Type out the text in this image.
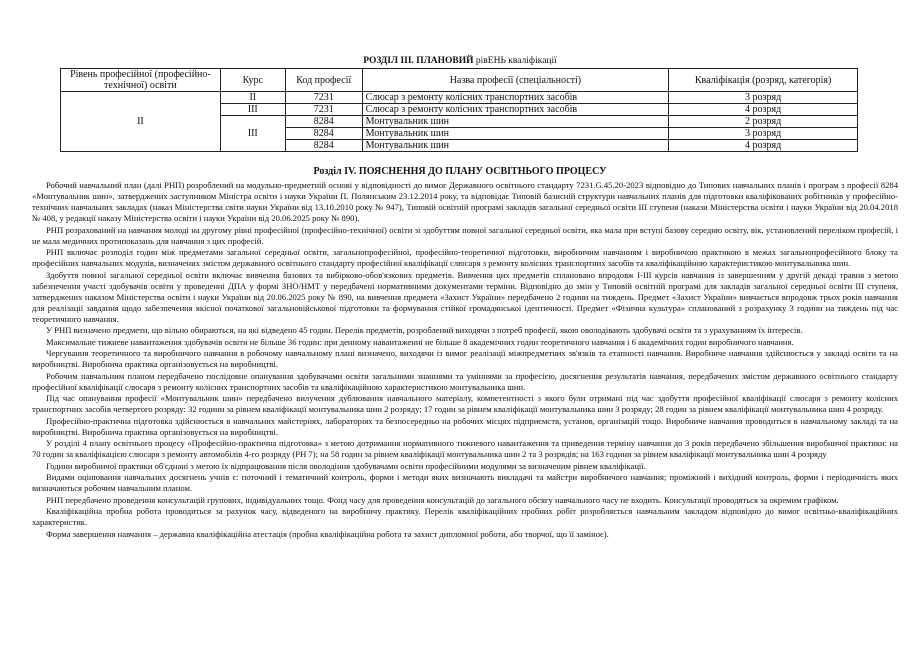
РОЗДІЛ ІІІ. ПЛАНОВИЙ рівЕНЬ кваліфікації
Рівень професійної (професійно-технічної) освіти	Курс	Код професії	Назва професії (спеціальності)	Кваліфікація (розряд, категорія)
ІІ	ІІ	7231	Слюсар з ремонту колісних транспортних засобів	3 розряд
	ІІІ	7231	Слюсар з ремонту колісних транспортних засобів	4 розряд
	ІІІ	8284	Монтувальник шин	2 розряд
		8284	Монтувальник шин	3 розряд
		8284	Монтувальник шин	4 розряд
Розділ ІV. ПОЯСНЕННЯ ДО ПЛАНУ ОСВІТНЬОГО ПРОЦЕСУ

Робочий навчальний план (далі РНП) розроблений на модульно-предметній основі у відповідності до вимог Державного освітнього стандарту 7231.G.45.20-2023 відповідно до Типових навчальних планів і програм з професії 8284 «Монтувальник шин», затверджених заступником Міністра освіти і науки України П. Полянським 23.12.2014 року, та відповідає Типовій базисній структури навчальних планів для підготовки кваліфікованих робітників у професійно-технічних навчальних закладах (наказ Міністерства світи науки України від 13.10.2010 року № 947), Типовій освітній програмі закладів загальної середньої освіти ІІІ ступеня (накази Міністерства освіти і науки України від 20.04.2018 № 408, у редакції наказу Міністерства освіти і науки України від 20.06.2025 року № 890).

РНП розрахований на навчання молоді на другому рівні професійної (професійно-технічної) освіти зі здобуттям повної загальної середньої освіти, яка мала при вступі базову середню освіту, вік, установлений переліком професій, і не мала медичних протипоказань для навчання з цих професій.

РНП включає розподіл годин між предметами загальної середньої освіти, загальнопрофесійної, професійно-теоретичної підготовки, виробничим навчанням і виробничою практикою в межах загальнопрофесійного блоку та професійних навчальних модулів, визначених змістом державного освітнього стандарту професійної кваліфікації слюсаря з ремонту колісних транспортних засобів та кваліфікаційною характеристикою монтувальника шин.

Здобуття повної загальної середньої освіти включає вивчення базових та вибірково-обов'язкових предметів. Вивчення цих предметів сплановано впродовж І-ІІІ курсів навчання із завершенням у другій декаді травня з метою забезпечення участі здобувачів освіти у проведенні ДПА у формі ЗНО/НМТ у передбачені нормативними документами терміни. Відповідно до змін у Типовій освітній програмі для закладів загальної середньої освіти ІІІ ступеня, затверджених наказом Міністерства освіти і науки України від 20.06.2025 року № 890, на вивчення предмета «Захист України» передбачено 2 години на тиждень. Предмет «Захист України» вивчається впродовж трьох років навчання для реалізації завдання щодо забезпечення якісної початкової загальновійськової підготовки та формування стійкої громадянської ідентичності. Предмет «Фізична культура» спланований з розрахунку 3 години на тиждень під час теоретичного навчання.

У РНП визначено предмети, що вільно обираються, на які відведено 45 годин. Перелік предметів, розроблений виходячи з потреб професії, якою оволодівають здобувачі освіти та з урахуванням їх інтересів.

Максимальне тижневе навантаження здобувачів освіти не більше 36 годин: при денному навантаженні не більше 8 академічних годин теоретичного навчання і 6 академічних годин виробничого навчання.

Чергування теоретичного та виробничого навчання в робочому навчальному плані визначено, виходячи із вимог реалізації міжпредметних зв'язків та етапності навчання. Виробниче навчання здійснюється у закладі освіти та на виробництві. Виробнича практика організовується на виробництві.

Робочим навчальним планом передбачено послідовне опанування здобувачами освіти загальними знаннями та уміннями за професією, досягнення результатів навчання, передбачених змістом державного освітнього стандарту професійної кваліфікації слюсаря з ремонту колісних транспортних засобів та кваліфікаційною характеристикою монтувальника шин.

Під час опанування професії «Монтувальник шин» передбачено вилучення дублювання навчального матеріалу, компетентності з якого були отримані під час здобуття професійної кваліфікації слюсаря з ремонту колісних транспортних засобів четвертого розряду: 32 години за рівнем кваліфікації монтувальника шин 2 розряду; 17 годин за рівнем кваліфікації монтувальника шин 3 розряду; 28 годин за рівнем кваліфікації монтувальника шин 4 розряду.

Професійно-практична підготовка здійснюється в навчальних майстернях, лабораторіях та безпосередньо на робочих місцях підприємств, установ, організацій тощо. Виробниче навчання проводиться в навчальному закладі та на виробництві. Виробнича практика організовується на виробництві.

У розділі 4 плану освітнього процесу «Професійно-практична підготовка» з метою дотримання нормативного тижневого навантаження та приведення терміну навчання до 3 років передбачено збільшення виробничої практики: на 70 годин за кваліфікацією слюсаря з ремонту автомобілів 4-го розряду (РН 7); на 58 годин за рівнем кваліфікації монтувальника шин 2 та 3 розрядів; на 163 години за рівнем кваліфікації монтувальника шин 4 розряду

Години виробничої практики об'єднані з метою їх відпрацювання після оволодіння здобувачами освіти професійними модулями за визначеним рівнем кваліфікації.

Видами оцінювання навчальних досягнень учнів є: поточний і тематичний контроль, форми і методи яких визначають викладачі та майстри виробничого навчання; проміжний і вихідний контроль, форми і періодичність яких визначаються робочим навчальним планом.

РНП передбачено проведення консультацій групових, індивідуальних тощо. Фонд часу для проведення консультацій до загального обсягу навчального часу не входить. Консультації проводяться за окремим графіком.

Кваліфікаційна пробна робота проводиться за рахунок часу, відведеного на виробничу практику. Перелік кваліфікаційних пробних робіт розробляється навчальним закладом відповідно до вимог освітньо-кваліфікаційних характеристик.

Форма завершення навчання – державна кваліфікаційна атестація (пробна кваліфікаційна робота та захист дипломної роботи, або творчої, що її заміноє).
